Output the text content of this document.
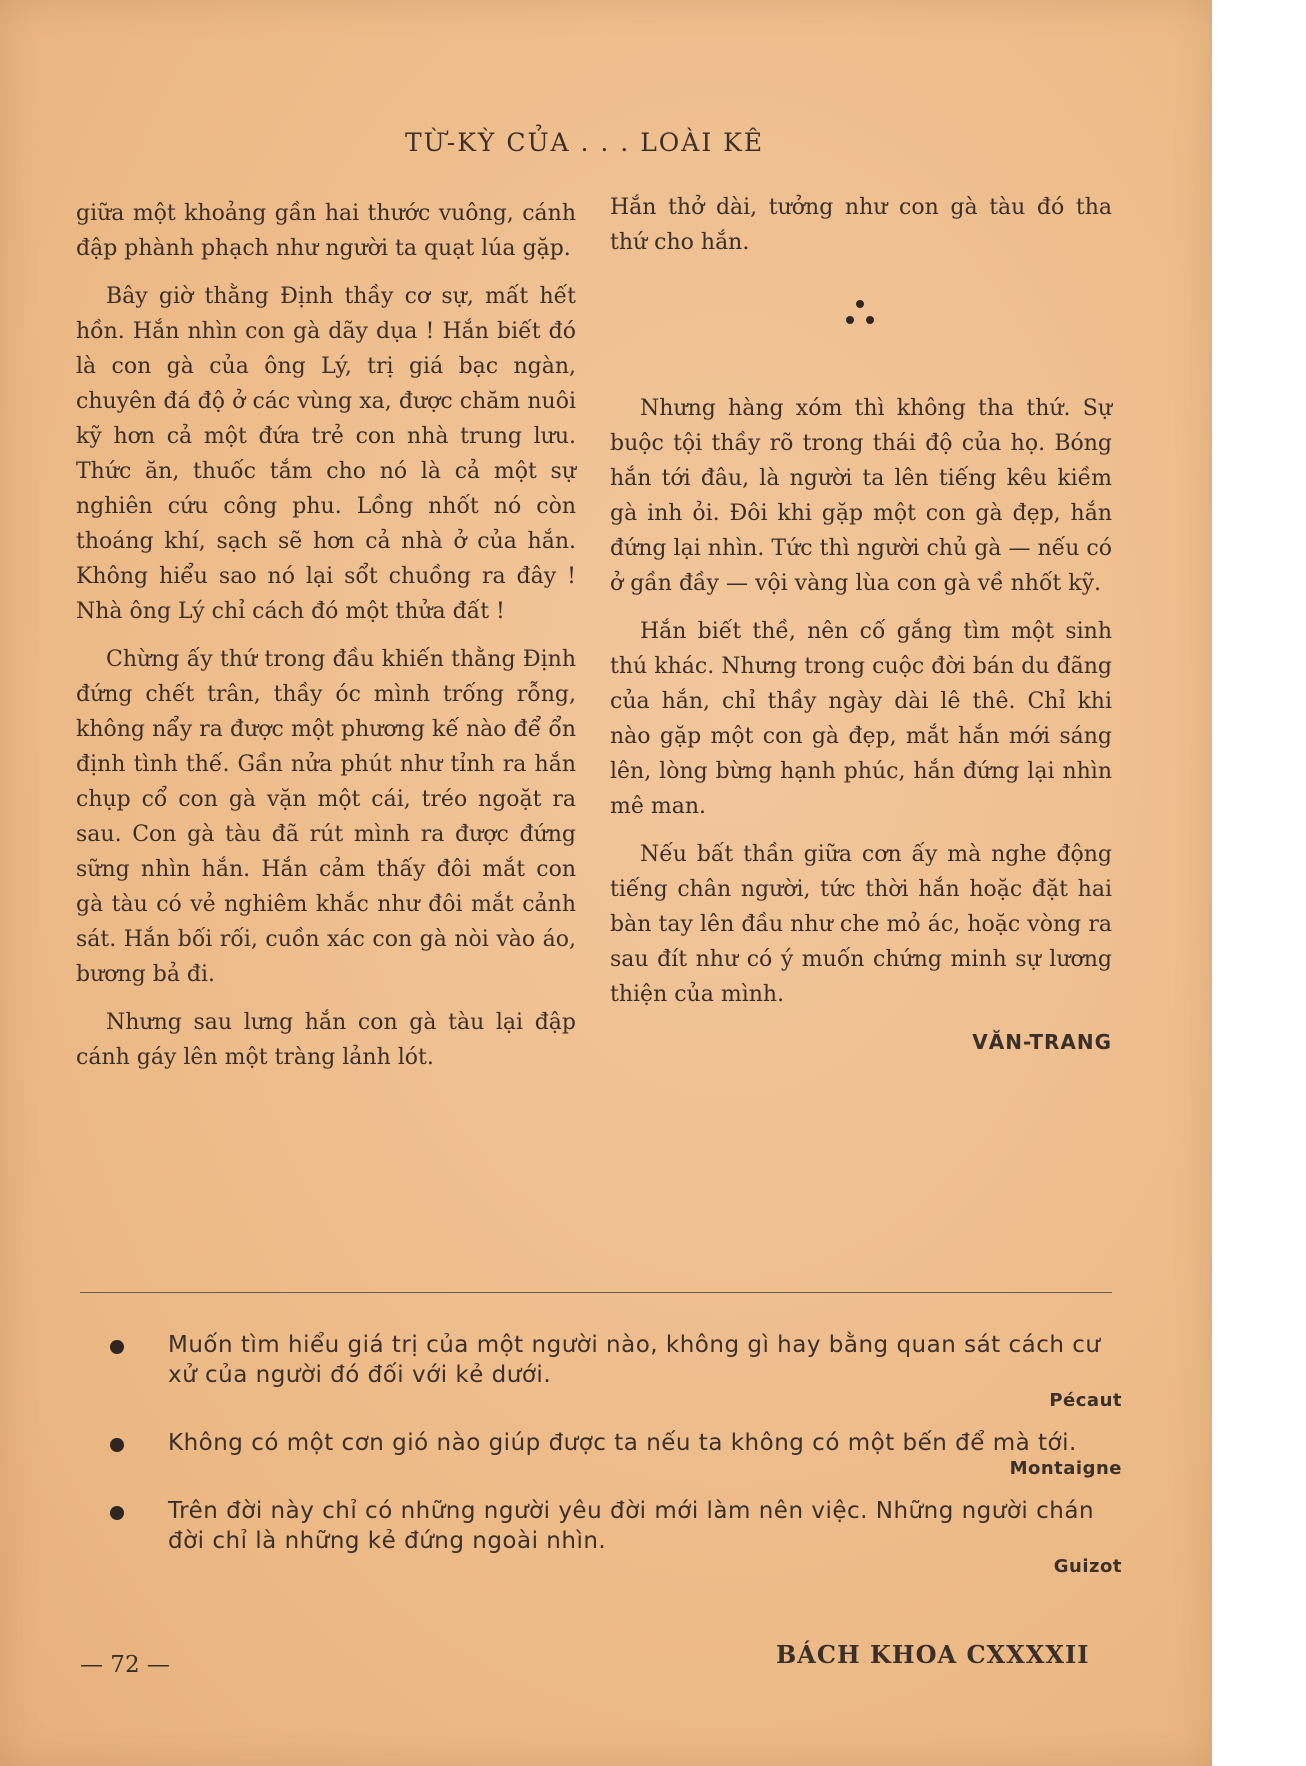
TỪ-KỲ CỦA . . . LOÀI KÊ

giữa một khoảng gần hai thước vuông, cánh đập phành phạch như người ta quạt lúa gặp.

Bây giờ thằng Định thầy cơ sự, mất hết hồn. Hắn nhìn con gà dãy dụa ! Hắn biết đó là con gà của ông Lý, trị giá bạc ngàn, chuyên đá độ ở các vùng xa, được chăm nuôi kỹ hơn cả một đứa trẻ con nhà trung lưu. Thức ăn, thuốc tắm cho nó là cả một sự nghiên cứu công phu. Lồng nhốt nó còn thoáng khí, sạch sẽ hơn cả nhà ở của hắn. Không hiểu sao nó lại sổt chuồng ra đây ! Nhà ông Lý chỉ cách đó một thửa đất !

Chừng ấy thứ trong đầu khiến thằng Định đứng chết trân, thầy óc mình trống rỗng, không nẩy ra được một phương kế nào để ổn định tình thế. Gần nửa phút như tỉnh ra hắn chụp cổ con gà vặn một cái, tréo ngoặt ra sau. Con gà tàu đã rút mình ra được đứng sững nhìn hắn. Hắn cảm thấy đôi mắt con gà tàu có vẻ nghiêm khắc như đôi mắt cảnh sát. Hắn bối rối, cuồn xác con gà nòi vào áo, bương bả đi.

Nhưng sau lưng hắn con gà tàu lại đập cánh gáy lên một tràng lảnh lót.

Hắn thở dài, tưởng như con gà tàu đó tha thứ cho hắn.

Nhưng hàng xóm thì không tha thứ. Sự buộc tội thầy rõ trong thái độ của họ. Bóng hắn tới đâu, là người ta lên tiếng kêu kiềm gà inh ỏi. Đôi khi gặp một con gà đẹp, hắn đứng lại nhìn. Tức thì người chủ gà — nếu có ở gần đầy — vội vàng lùa con gà về nhốt kỹ.

Hắn biết thề, nên cố gắng tìm một sinh thú khác. Nhưng trong cuộc đời bán du đãng của hắn, chỉ thầy ngày dài lê thê. Chỉ khi nào gặp một con gà đẹp, mắt hắn mới sáng lên, lòng bừng hạnh phúc, hắn đứng lại nhìn mê man.

Nếu bất thần giữa cơn ấy mà nghe động tiếng chân người, tức thời hắn hoặc đặt hai bàn tay lên đầu như che mỏ ác, hoặc vòng ra sau đít như có ý muốn chứng minh sự lương thiện của mình.

VĂN-TRANG
Muốn tìm hiểu giá trị của một người nào, không gì hay bằng quan sát cách cư xử của người đó đối với kẻ dưới.
Pécaut
Không có một cơn gió nào giúp được ta nếu ta không có một bến để mà tới.
Montaigne
Trên đời này chỉ có những người yêu đời mới làm nên việc. Những người chán đời chỉ là những kẻ đứng ngoài nhìn.
Guizot
— 72 —	BÁCH KHOA CXXXXII
